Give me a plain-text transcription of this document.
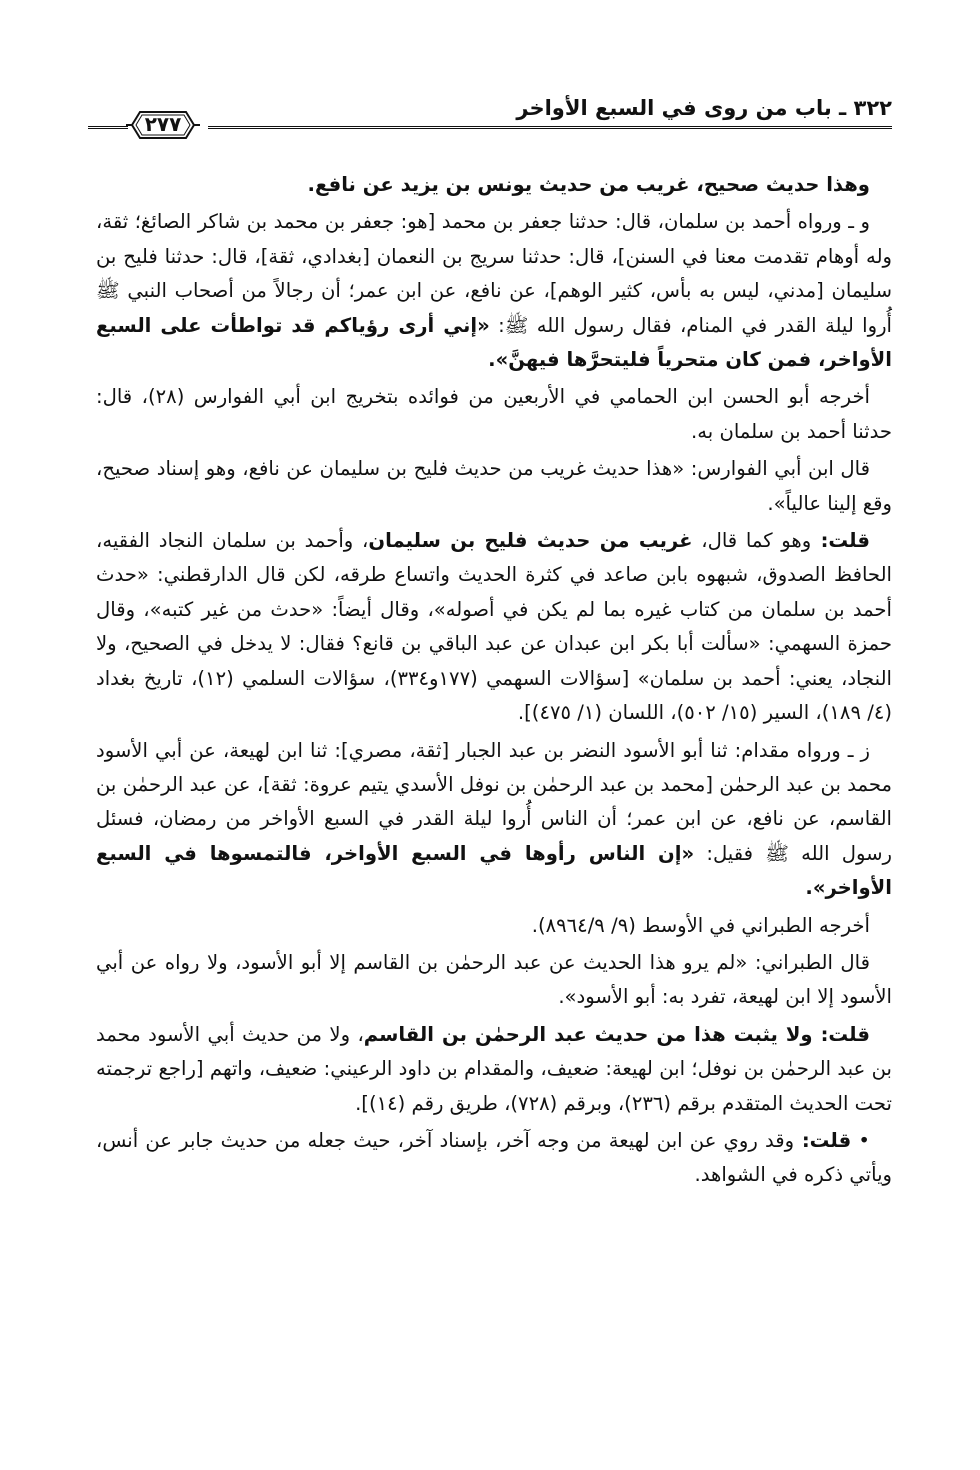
٣٢٢ ـ باب من روى في السبع الأواخر
٢٧٧

وهذا حديث صحيح، غريب من حديث يونس بن يزيد عن نافع.

و ـ ورواه أحمد بن سلمان، قال: حدثنا جعفر بن محمد [هو: جعفر بن محمد بن شاكر الصائغ؛ ثقة، وله أوهام تقدمت معنا في السنن]، قال: حدثنا سريج بن النعمان [بغدادي، ثقة]، قال: حدثنا فليح بن سليمان [مدني، ليس به بأس، كثير الوهم]، عن نافع، عن ابن عمر؛ أن رجالاً من أصحاب النبي ﷺ أُروا ليلة القدر في المنام، فقال رسول الله ﷺ: «إني أرى رؤياكم قد تواطأت على السبع الأواخر، فمن كان متحرياً فليتحرَّها فيهنَّ».

أخرجه أبو الحسن ابن الحمامي في الأربعين من فوائده بتخريج ابن أبي الفوارس (٢٨)، قال: حدثنا أحمد بن سلمان به.

قال ابن أبي الفوارس: «هذا حديث غريب من حديث فليح بن سليمان عن نافع، وهو إسناد صحيح، وقع إلينا عالياً».

قلت: وهو كما قال، غريب من حديث فليح بن سليمان، وأحمد بن سلمان النجاد الفقيه، الحافظ الصدوق، شبهوه بابن صاعد في كثرة الحديث واتساع طرقه، لكن قال الدارقطني: «حدث أحمد بن سلمان من كتاب غيره بما لم يكن في أصوله»، وقال أيضاً: «حدث من غير كتبه»، وقال حمزة السهمي: «سألت أبا بكر ابن عبدان عن عبد الباقي بن قانع؟ فقال: لا يدخل في الصحيح، ولا النجاد، يعني: أحمد بن سلمان» [سؤالات السهمي (١٧٧و٣٣٤)، سؤالات السلمي (١٢)، تاريخ بغداد (٤/ ١٨٩)، السير (١٥/ ٥٠٢)، اللسان (١/ ٤٧٥)].

ز ـ ورواه مقدام: ثنا أبو الأسود النضر بن عبد الجبار [ثقة، مصري]: ثنا ابن لهيعة، عن أبي الأسود محمد بن عبد الرحمٰن [محمد بن عبد الرحمٰن بن نوفل الأسدي يتيم عروة: ثقة]، عن عبد الرحمٰن بن القاسم، عن نافع، عن ابن عمر؛ أن الناس أُروا ليلة القدر في السبع الأواخر من رمضان، فسئل رسول الله ﷺ فقيل: «إن الناس رأوها في السبع الأواخر، فالتمسوها في السبع الأواخر».

أخرجه الطبراني في الأوسط (٩/ ٨٩٦٤/٩).

قال الطبراني: «لم يرو هذا الحديث عن عبد الرحمٰن بن القاسم إلا أبو الأسود، ولا رواه عن أبي الأسود إلا ابن لهيعة، تفرد به: أبو الأسود».

قلت: ولا يثبت هذا من حديث عبد الرحمٰن بن القاسم، ولا من حديث أبي الأسود محمد بن عبد الرحمٰن بن نوفل؛ ابن لهيعة: ضعيف، والمقدام بن داود الرعيني: ضعيف، واتهم [راجع ترجمته تحت الحديث المتقدم برقم (٢٣٦)، وبرقم (٧٢٨)، طريق رقم (١٤)].

• قلت: وقد روي عن ابن لهيعة من وجه آخر، بإسناد آخر، حيث جعله من حديث جابر عن أنس، ويأتي ذكره في الشواهد.
